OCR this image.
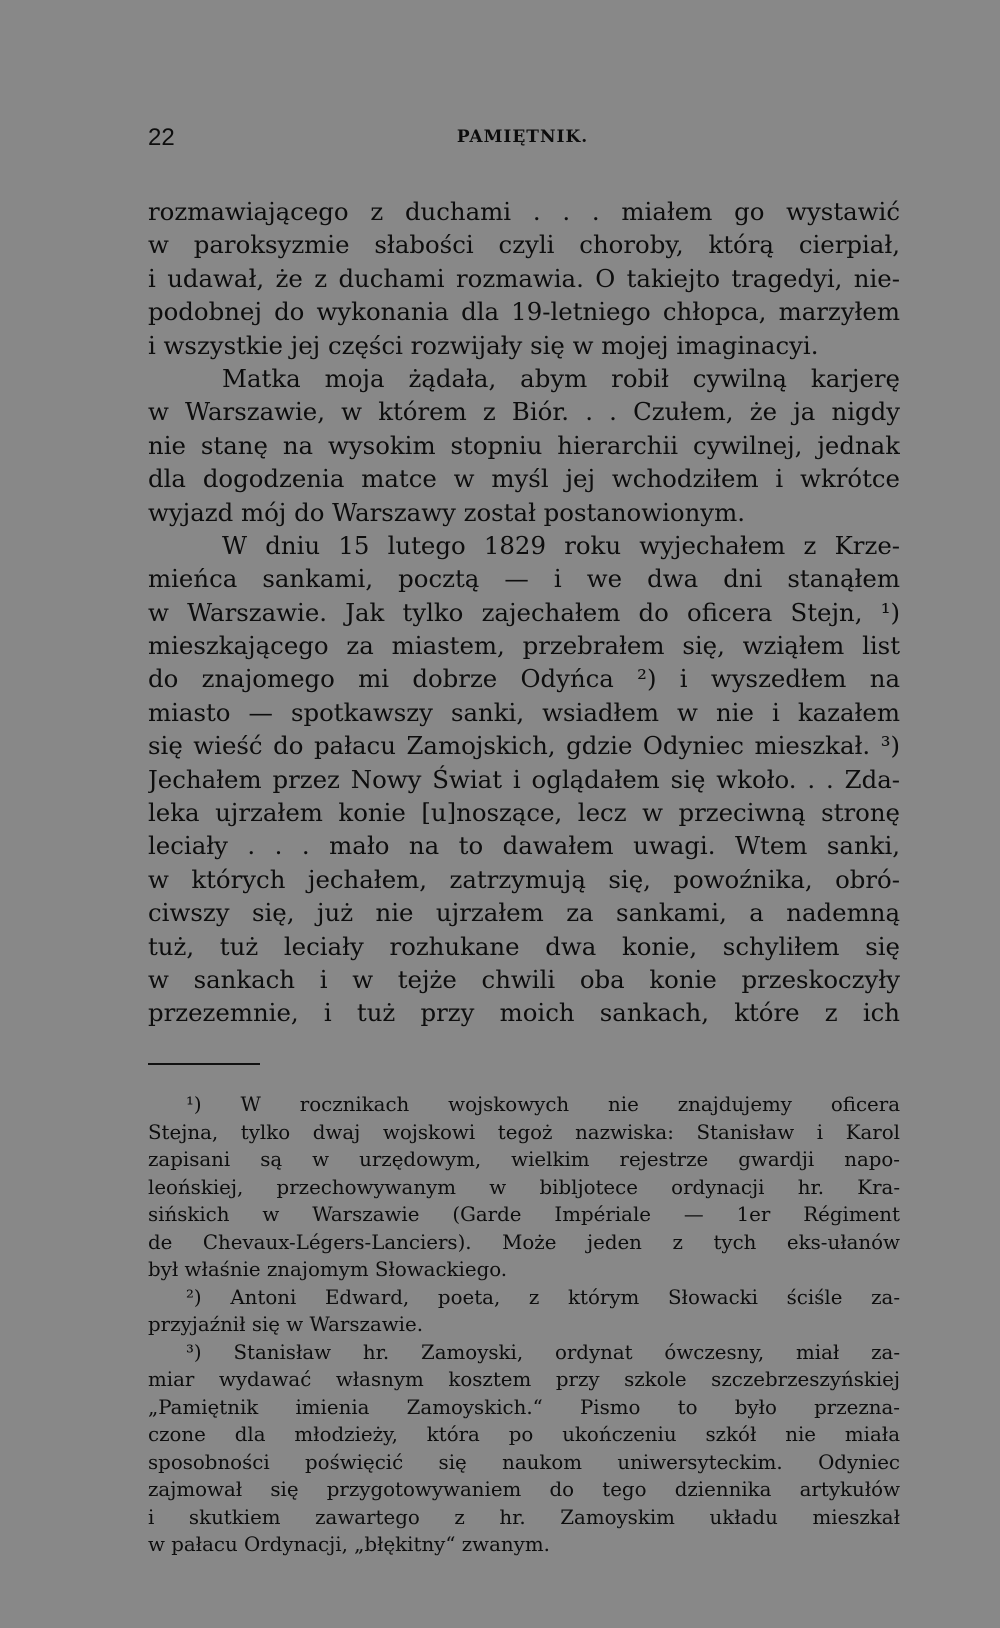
22	PAMIĘTNIK.
rozmawiającego z duchami . . . miałem go wystawić
w paroksyzmie słabości czyli choroby, którą cierpiał,
i udawał, że z duchami rozmawia. O takiejto tragedyi, nie-
podobnej do wykonania dla 19-letniego chłopca, marzyłem
i wszystkie jej części rozwijały się w mojej imaginacyi.
Matka moja żądała, abym robił cywilną karjerę
w Warszawie, w którem z Biór. . . Czułem, że ja nigdy
nie stanę na wysokim stopniu hierarchii cywilnej, jednak
dla dogodzenia matce w myśl jej wchodziłem i wkrótce
wyjazd mój do Warszawy został postanowionym.
W dniu 15 lutego 1829 roku wyjechałem z Krze-
mieńca sankami, pocztą — i we dwa dni stanąłem
w Warszawie. Jak tylko zajechałem do oficera Stejn, ¹)
mieszkającego za miastem, przebrałem się, wziąłem list
do znajomego mi dobrze Odyńca ²) i wyszedłem na
miasto — spotkawszy sanki, wsiadłem w nie i kazałem
się wieść do pałacu Zamojskich, gdzie Odyniec mieszkał. ³)
Jechałem przez Nowy Świat i oglądałem się wkoło. . . Zda-
leka ujrzałem konie [u]noszące, lecz w przeciwną stronę
leciały . . . mało na to dawałem uwagi. Wtem sanki,
w których jechałem, zatrzymują się, powoźnika, obró-
ciwszy się, już nie ujrzałem za sankami, a nademną
tuż, tuż leciały rozhukane dwa konie, schyliłem się
w sankach i w tejże chwili oba konie przeskoczyły
przezemnie, i tuż przy moich sankach, które z ich
¹) W rocznikach wojskowych nie znajdujemy oficera
Stejna, tylko dwaj wojskowi tegoż nazwiska: Stanisław i Karol
zapisani są w urzędowym, wielkim rejestrze gwardji napo-
leońskiej, przechowywanym w bibljotece ordynacji hr. Kra-
sińskich w Warszawie (Garde Impériale — 1er Régiment
de Chevaux-Légers-Lanciers). Może jeden z tych eks-ułanów
był właśnie znajomym Słowackiego.
²) Antoni Edward, poeta, z którym Słowacki ściśle za-
przyjaźnił się w Warszawie.
³) Stanisław hr. Zamoyski, ordynat ówczesny, miał za-
miar wydawać własnym kosztem przy szkole szczebrzeszyńskiej
„Pamiętnik imienia Zamoyskich.“ Pismo to było przezna-
czone dla młodzieży, która po ukończeniu szkół nie miała
sposobności poświęcić się naukom uniwersyteckim. Odyniec
zajmował się przygotowywaniem do tego dziennika artykułów
i skutkiem zawartego z hr. Zamoyskim układu mieszkał
w pałacu Ordynacji, „błękitny“ zwanym.
